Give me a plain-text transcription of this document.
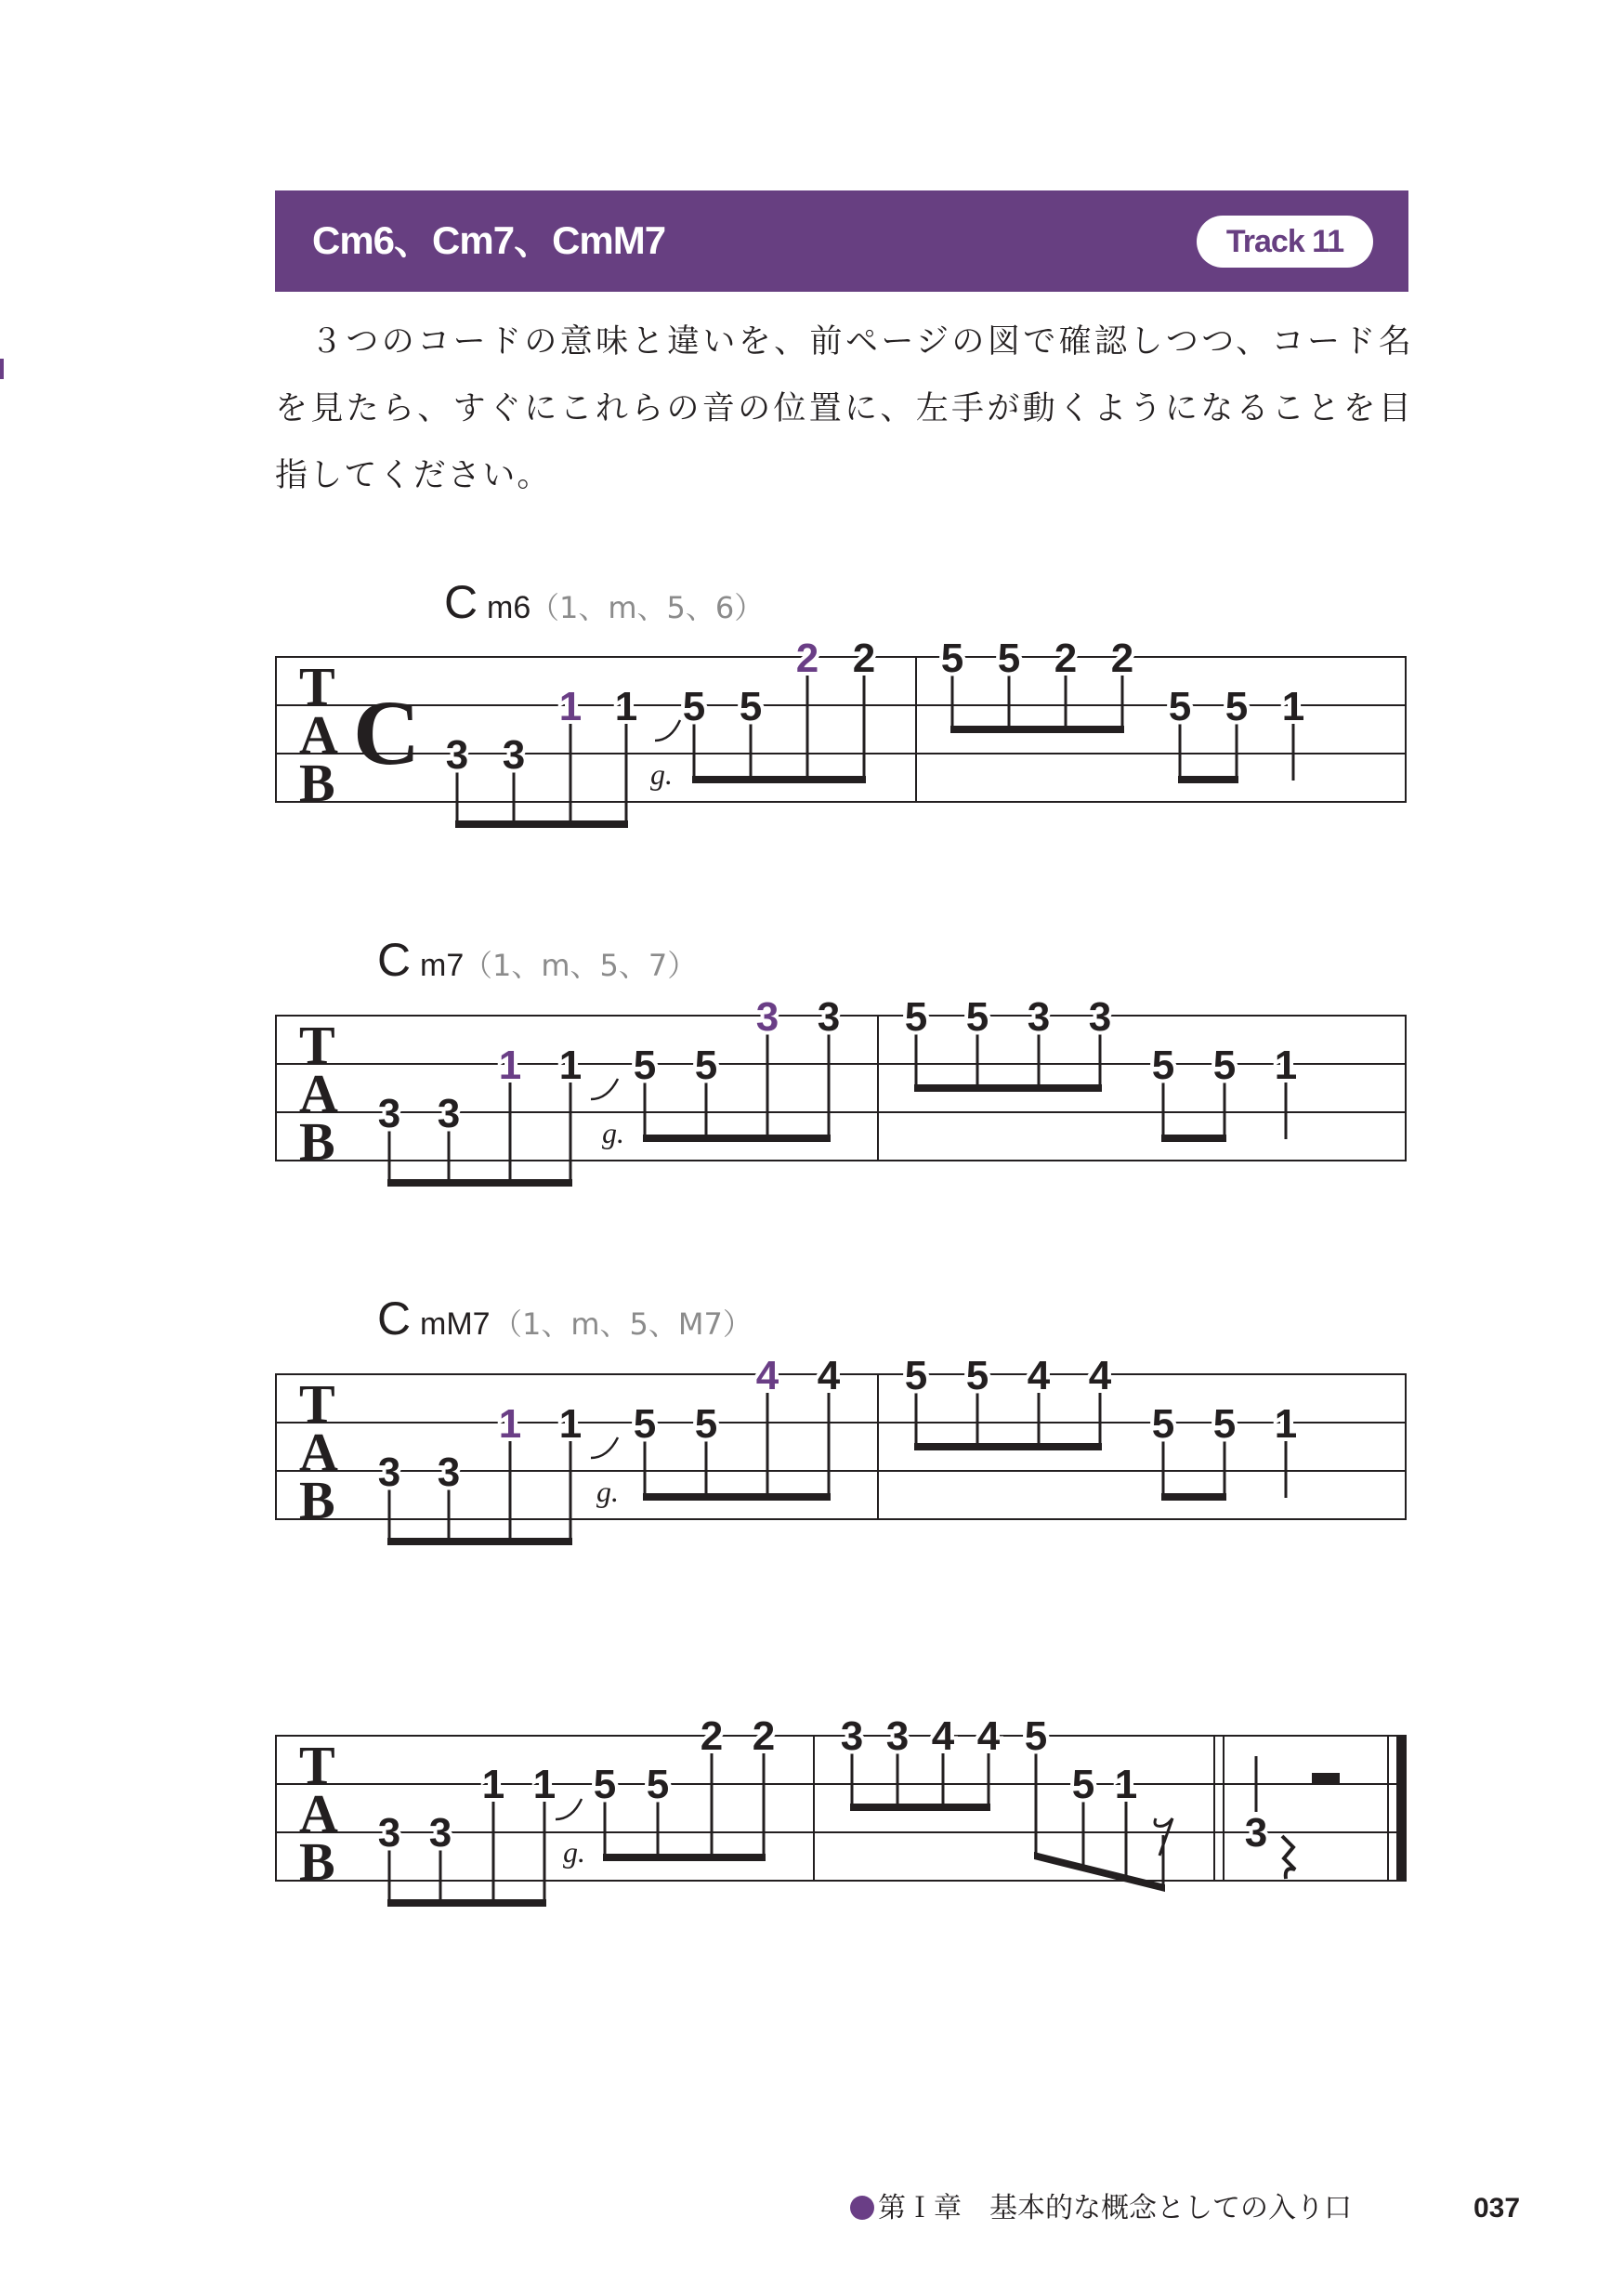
Cm6、Cm7、CmM7	Track 11

３つのコードの意味と違いを、前ページの図で確認しつつ、コード名を見たら、すぐにこれらの音の位置に、左手が動くようになることを目指してください。

C m6
（1、m、5、6）
T
A
B C	g.
3 3
1 1 5 5
2 2 5 5 2 2
5 5 1
C m7
（1、m、5、7）
T
A
B	g.
3 3
1 1 5 5
3 3 5 5 3 3
5 5 1
C mM7 （1、m、5、M7）
T
A
B	g.
3 3
1 1 5 5
4 4 5 5 4 4
5 5 1
T
A
B	g.
3 3
1 1 5 5
2 2 3 3 4 4 5
5 1
3
第Ｉ章　基本的な概念としての入り口	037
